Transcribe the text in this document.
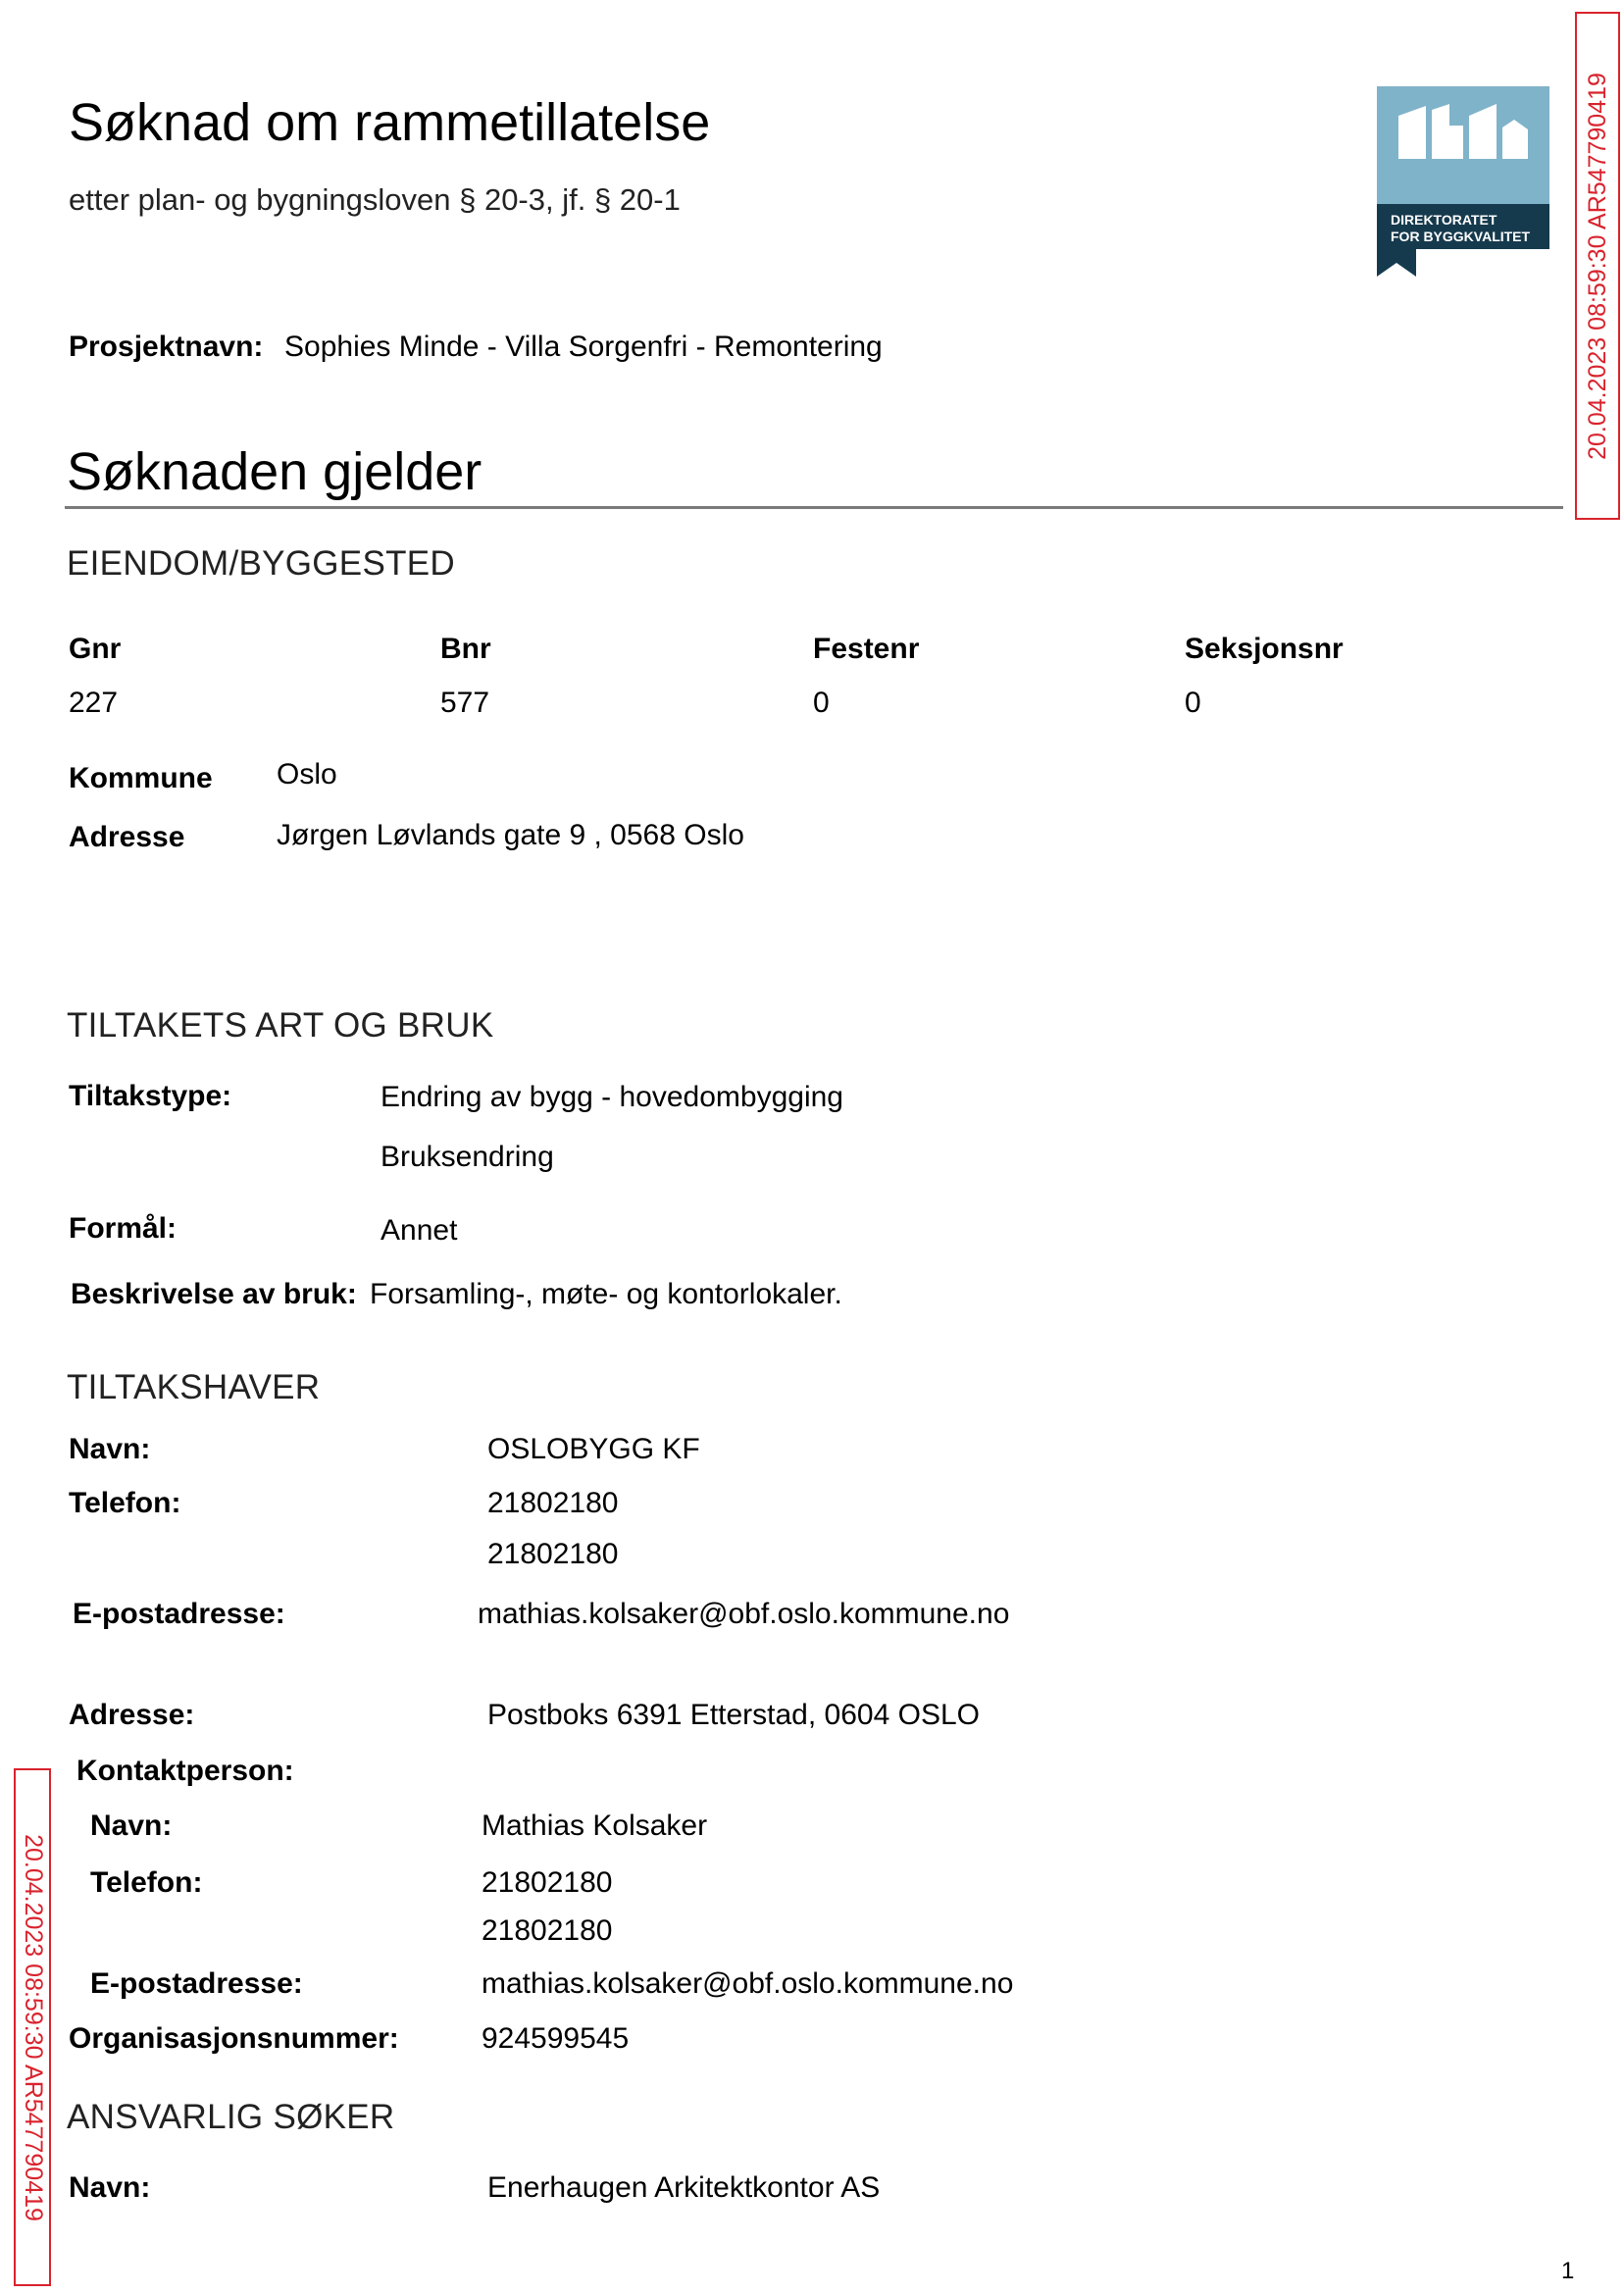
Søknad om rammetillatelse
etter plan- og bygningsloven § 20-3, jf. § 20-1
DIREKTORATET
FOR BYGGKVALITET 20.04.2023 08:59:30 AR547790419
20.04.2023 08:59:30 AR547790419
Prosjektnavn: Sophies Minde - Villa Sorgenfri - Remontering
Søknaden gjelder
EIENDOM/BYGGESTED
Gnr	Bnr	Festenr	Seksjonsnr
227	577	0	0
Kommune Oslo
Adresse	Jørgen Løvlands gate 9 , 0568 Oslo
TILTAKETS ART OG BRUK
Tiltakstype:	Endring av bygg - hovedombygging
Bruksendring
Formål:	Annet
Beskrivelse av bruk: Forsamling-, møte- og kontorlokaler.
TILTAKSHAVER
Navn:	OSLOBYGG KF
Telefon:	21802180
21802180
E-postadresse:	mathias.kolsaker@obf.oslo.kommune.no
Adresse:	Postboks 6391 Etterstad, 0604 OSLO
Kontaktperson:
Navn:	Mathias Kolsaker
Telefon:	21802180
21802180
E-postadresse:	mathias.kolsaker@obf.oslo.kommune.no
Organisasjonsnummer:	924599545
ANSVARLIG SØKER
Navn:	Enerhaugen Arkitektkontor AS
1
